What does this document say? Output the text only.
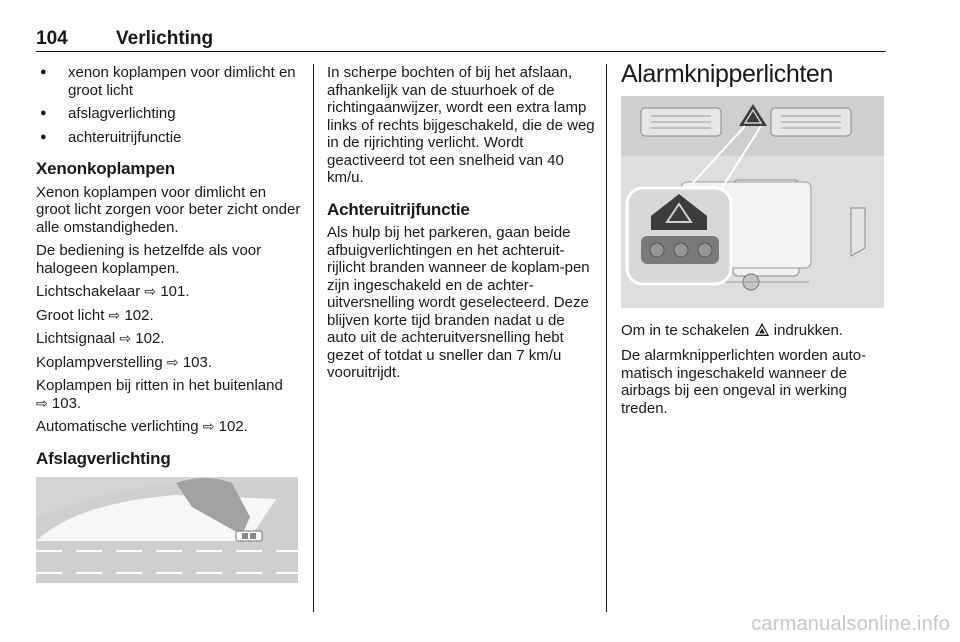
104	Verlichting
● xenon koplampen voor dimlicht en groot licht
● afslagverlichting
● achteruitrijfunctie
Xenonkoplampen

Xenon koplampen voor dimlicht en groot licht zorgen voor beter zicht onder alle omstandigheden.

De bediening is hetzelfde als voor halogeen koplampen.

Lichtschakelaar ⇨ 101.

Groot licht ⇨ 102.

Lichtsignaal ⇨ 102.

Koplampverstelling ⇨ 103.

Koplampen bij ritten in het buitenland
⇨ 103.

Automatische verlichting ⇨ 102.

Afslagverlichting

In scherpe bochten of bij het afslaan, afhankelijk van de stuurhoek of de richtingaanwijzer, wordt een extra lamp links of rechts bijgeschakeld, die de weg in de rijrichting verlicht. Wordt geactiveerd tot een snelheid van 40 km/u.

Achteruitrijfunctie

Als hulp bij het parkeren, gaan beide afbuigverlichtingen en het achteruit-rijlicht branden wanneer de koplam-pen zijn ingeschakeld en de achter-uitversnelling wordt geselecteerd. Deze blijven korte tijd branden nadat u de auto uit de achteruitversnelling hebt gezet of totdat u sneller dan 7 km/u vooruitrijdt.

Alarmknipperlichten

Om in te schakelen indrukken.

De alarmknipperlichten worden auto-matisch ingeschakeld wanneer de airbags bij een ongeval in werking treden.

carmanualsonline.info
